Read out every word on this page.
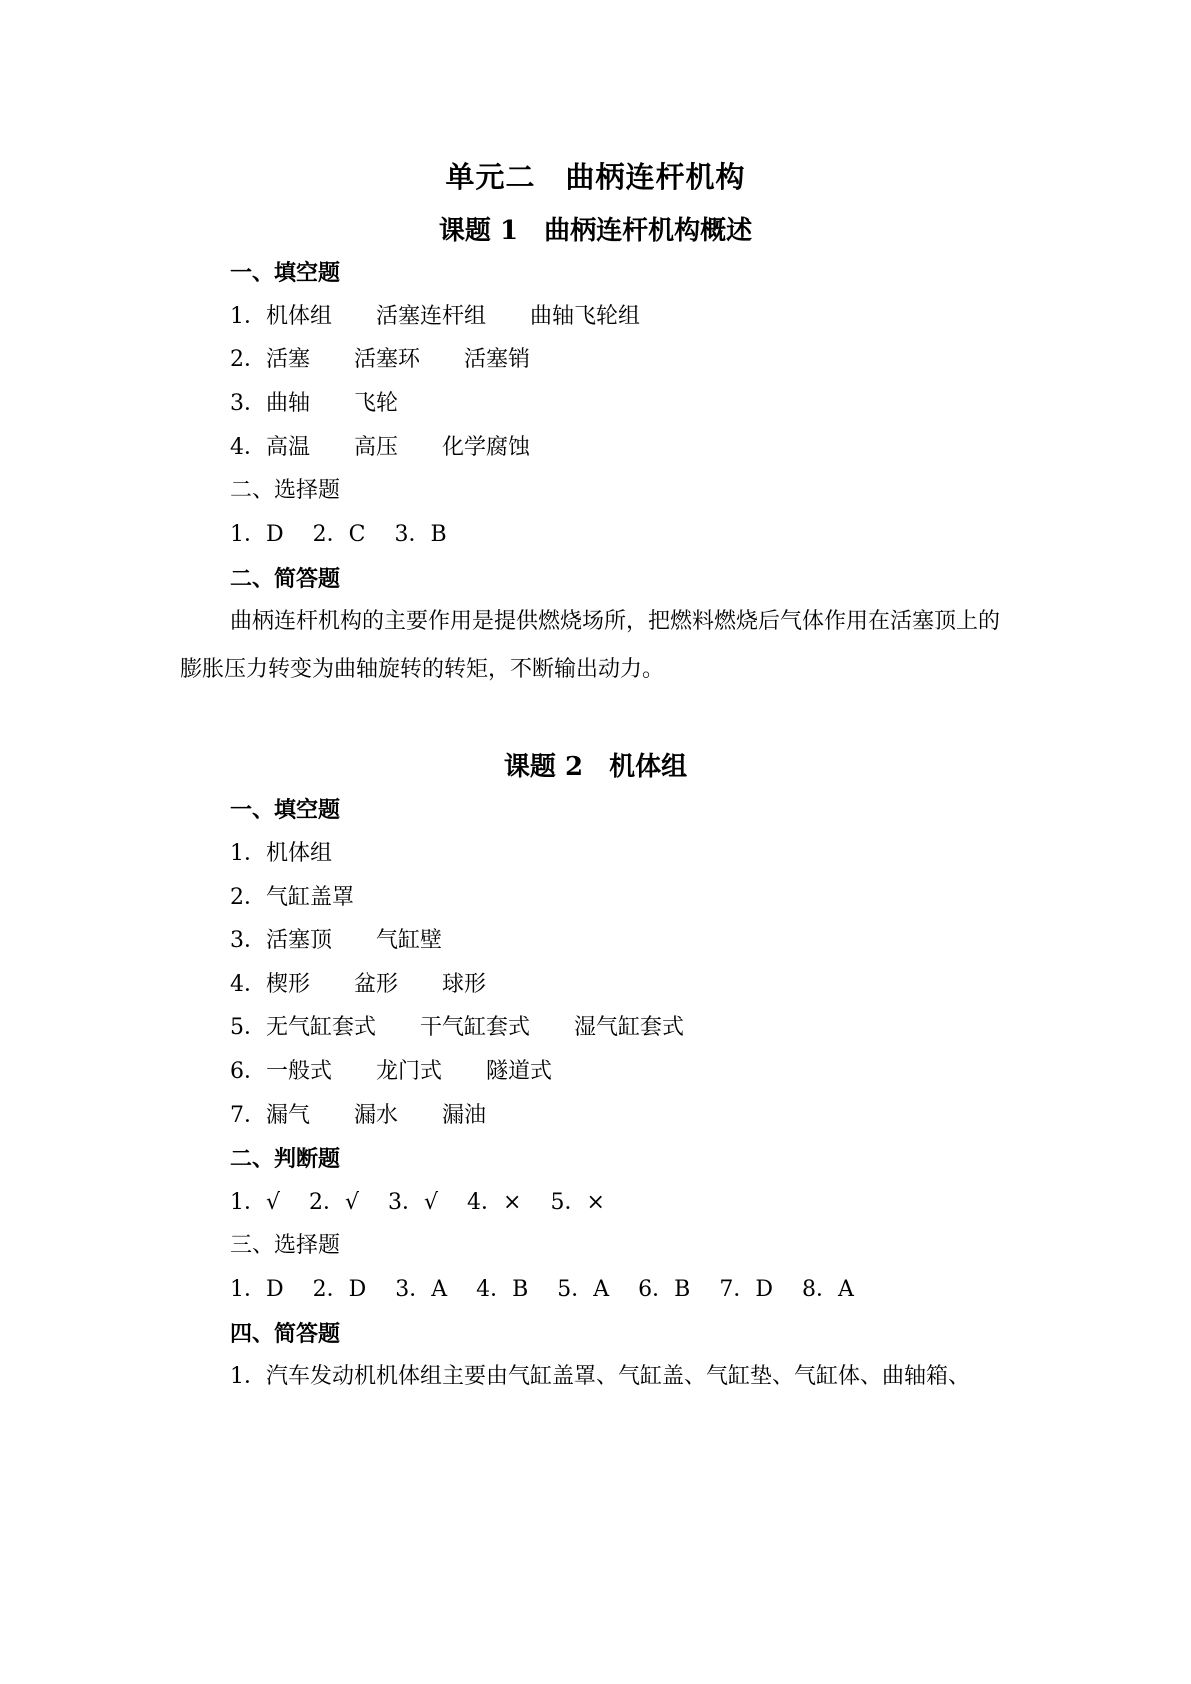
单元二　曲柄连杆机构
课题 1　曲柄连杆机构概述
一、填空题
1．机体组　　活塞连杆组　　曲轴飞轮组
2．活塞　　活塞环　　活塞销
3．曲轴　　飞轮
4．高温　　高压　　化学腐蚀
二、选择题
1．D　 2．C　 3．B
二、简答题
曲柄连杆机构的主要作用是提供燃烧场所，把燃料燃烧后气体作用在活塞顶上的膨胀压力转变为曲轴旋转的转矩，不断输出动力。
课题 2　机体组
一、填空题
1．机体组
2．气缸盖罩
3．活塞顶　　气缸壁
4．楔形　　盆形　　球形
5．无气缸套式　　干气缸套式　　湿气缸套式
6．一般式　　龙门式　　隧道式
7．漏气　　漏水　　漏油
二、判断题
1．√　 2．√　 3．√　 4．×　 5．×
三、选择题
1．D　 2．D　 3．A　 4．B　 5．A　 6．B　 7．D　 8．A
四、简答题
1．汽车发动机机体组主要由气缸盖罩、气缸盖、气缸垫、气缸体、曲轴箱、
